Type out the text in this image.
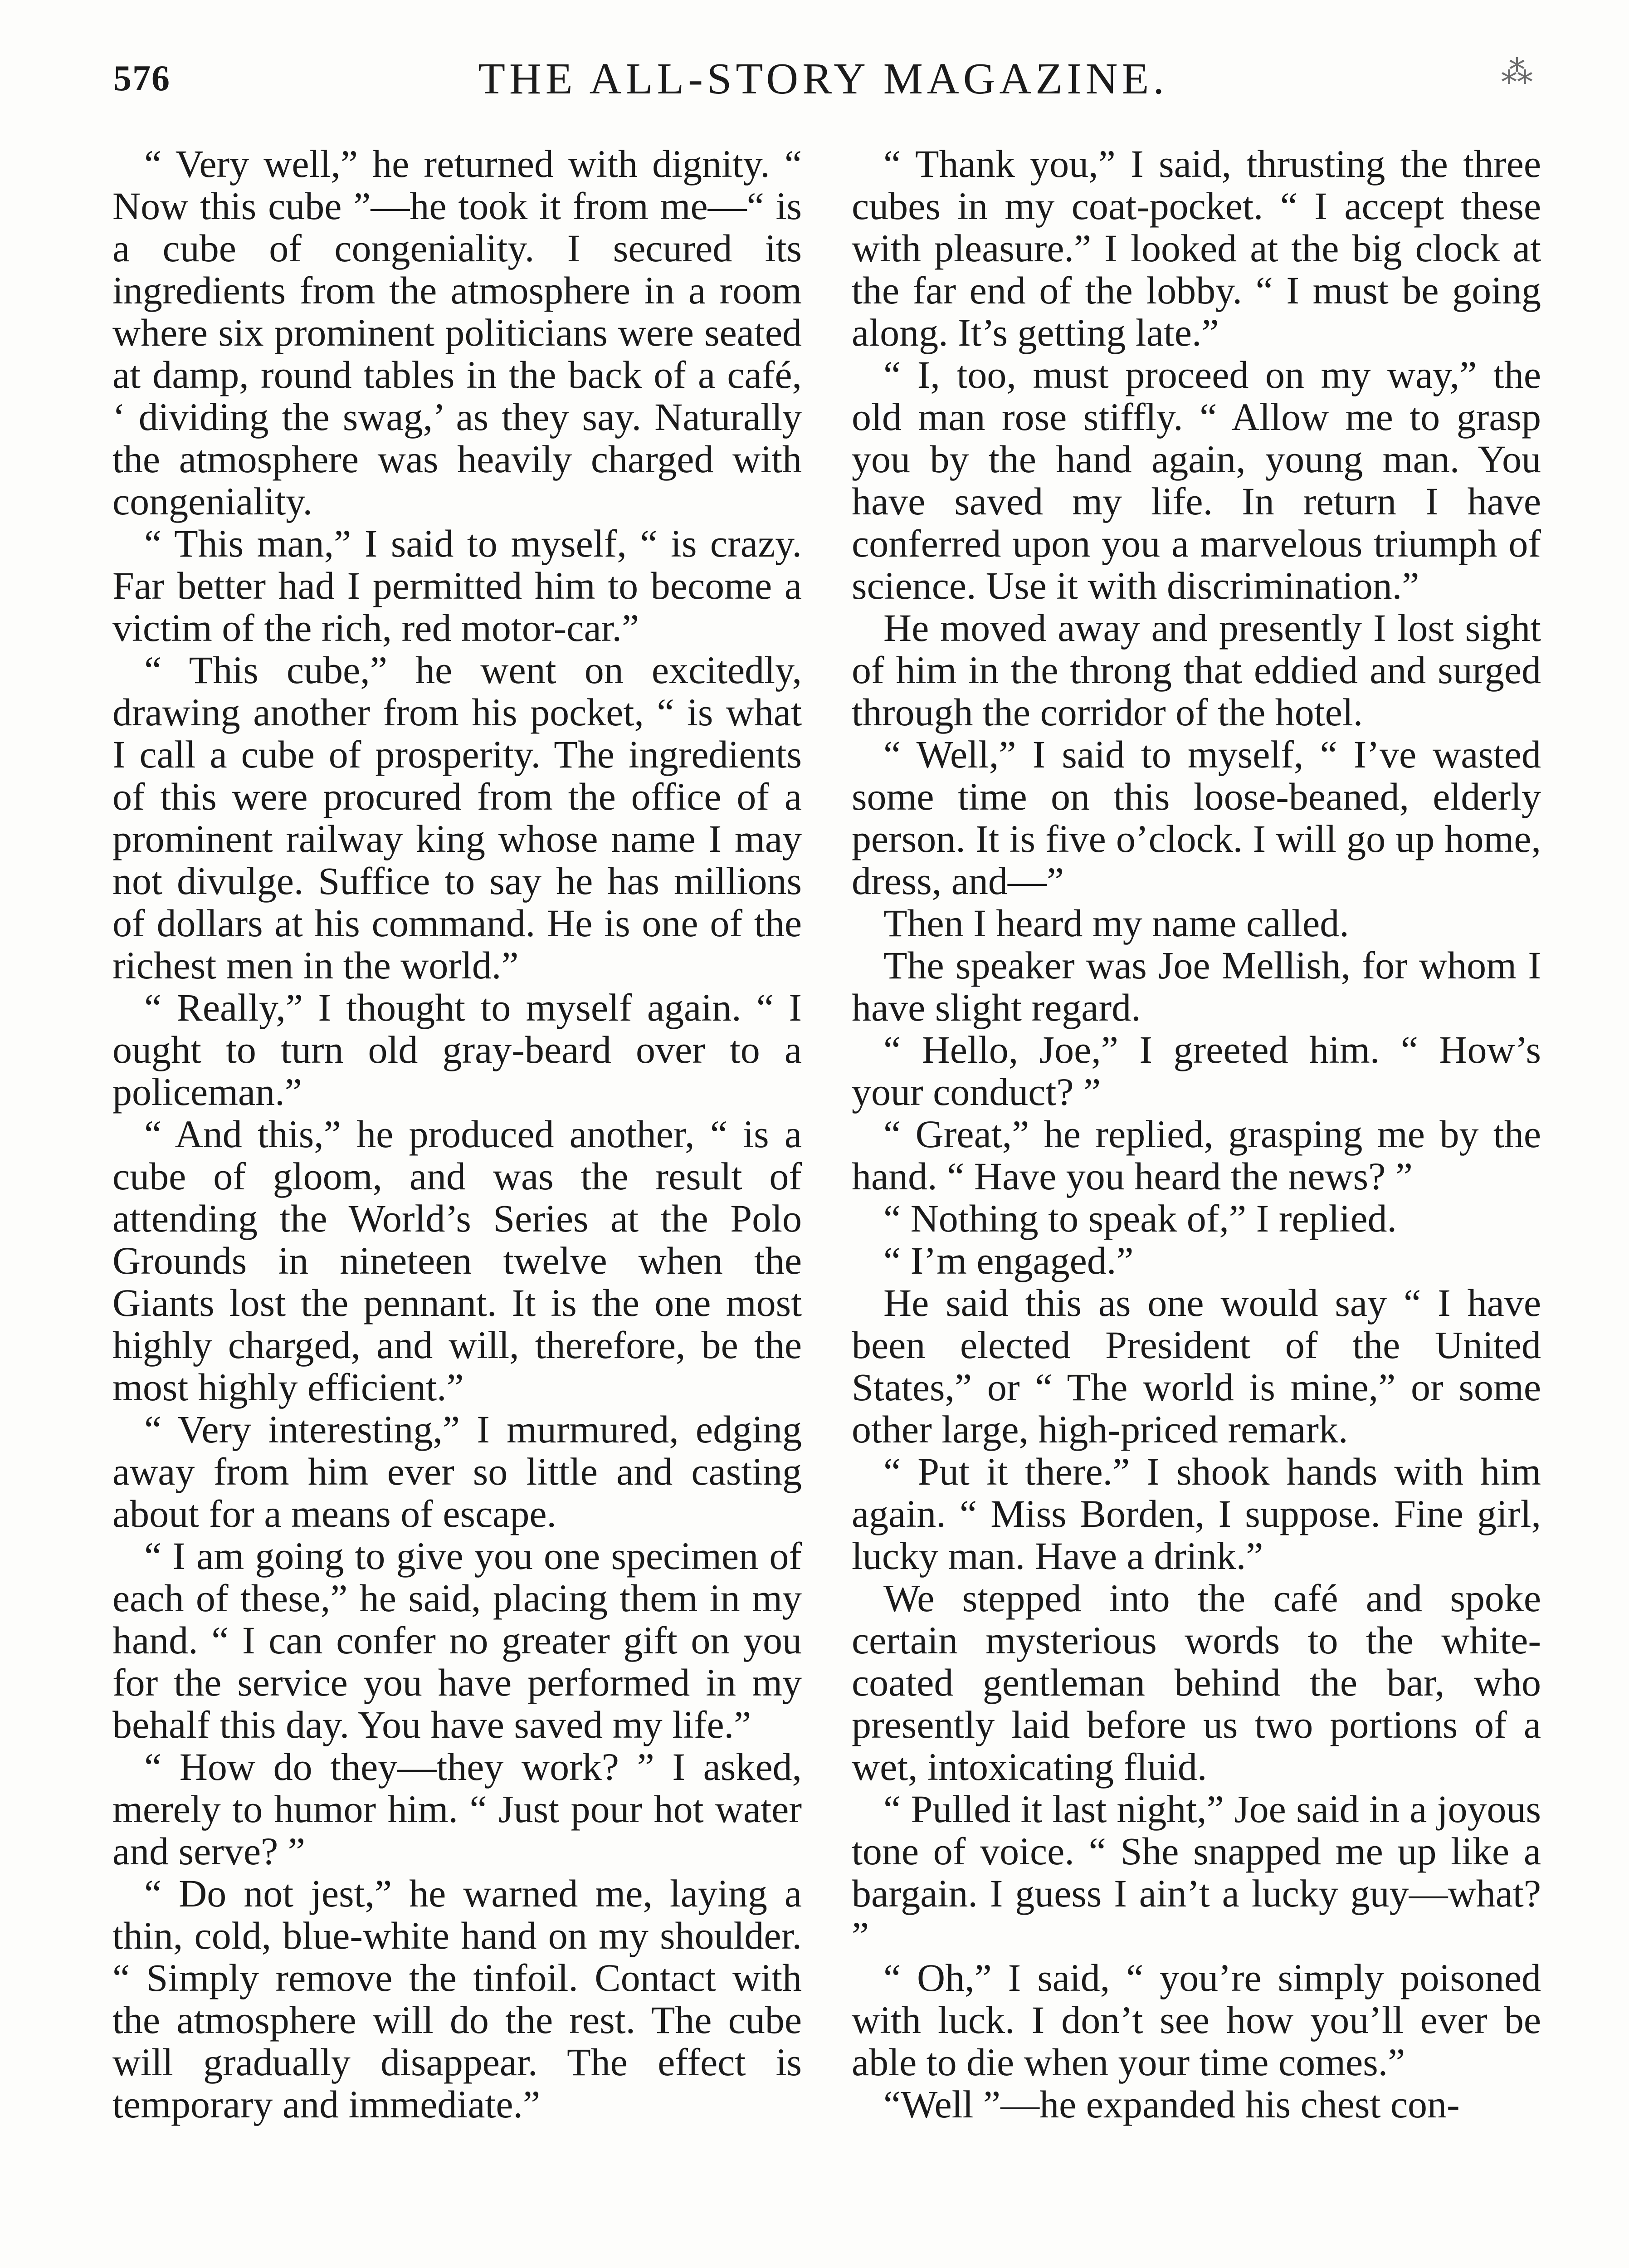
576	THE ALL-STORY MAGAZINE.	⁂

“ Very well,” he returned with dignity. “ Now this cube ”—he took it from me—“ is a cube of congeniality. I secured its ingredients from the atmosphere in a room where six prominent politicians were seated at damp, round tables in the back of a café, ‘ dividing the swag,’ as they say. Naturally the atmosphere was heavily charged with congeniality.

“ This man,” I said to myself, “ is crazy. Far better had I permitted him to become a victim of the rich, red motor-car.”

“ This cube,” he went on excitedly, drawing another from his pocket, “ is what I call a cube of prosperity. The ingredients of this were procured from the office of a prominent railway king whose name I may not divulge. Suffice to say he has millions of dollars at his command. He is one of the richest men in the world.”

“ Really,” I thought to myself again. “ I ought to turn old gray-beard over to a policeman.”

“ And this,” he produced another, “ is a cube of gloom, and was the result of attending the World’s Series at the Polo Grounds in nineteen twelve when the Giants lost the pennant. It is the one most highly charged, and will, therefore, be the most highly efficient.”

“ Very interesting,” I murmured, edging away from him ever so little and casting about for a means of escape.

“ I am going to give you one specimen of each of these,” he said, placing them in my hand. “ I can confer no greater gift on you for the service you have performed in my behalf this day. You have saved my life.”

“ How do they—they work? ” I asked, merely to humor him. “ Just pour hot water and serve? ”

“ Do not jest,” he warned me, laying a thin, cold, blue-white hand on my shoulder. “ Simply remove the tinfoil. Contact with the atmosphere will do the rest. The cube will gradually disappear. The effect is temporary and immediate.”

“ Thank you,” I said, thrusting the three cubes in my coat-pocket. “ I accept these with pleasure.” I looked at the big clock at the far end of the lobby. “ I must be going along. It’s getting late.”

“ I, too, must proceed on my way,” the old man rose stiffly. “ Allow me to grasp you by the hand again, young man. You have saved my life. In return I have conferred upon you a marvelous triumph of science. Use it with discrimination.”

He moved away and presently I lost sight of him in the throng that eddied and surged through the corridor of the hotel.

“ Well,” I said to myself, “ I’ve wasted some time on this loose-beaned, elderly person. It is five o’clock. I will go up home, dress, and—”

Then I heard my name called.

The speaker was Joe Mellish, for whom I have slight regard.

“ Hello, Joe,” I greeted him. “ How’s your conduct? ”

“ Great,” he replied, grasping me by the hand. “ Have you heard the news? ”

“ Nothing to speak of,” I replied.

“ I’m engaged.”

He said this as one would say “ I have been elected President of the United States,” or “ The world is mine,” or some other large, high-priced remark.

“ Put it there.” I shook hands with him again. “ Miss Borden, I suppose. Fine girl, lucky man. Have a drink.”

We stepped into the café and spoke certain mysterious words to the white-coated gentleman behind the bar, who presently laid before us two portions of a wet, intoxicating fluid.

“ Pulled it last night,” Joe said in a joyous tone of voice. “ She snapped me up like a bargain. I guess I ain’t a lucky guy—what? ”

“ Oh,” I said, “ you’re simply poisoned with luck. I don’t see how you’ll ever be able to die when your time comes.”

“Well ”—he expanded his chest con-
